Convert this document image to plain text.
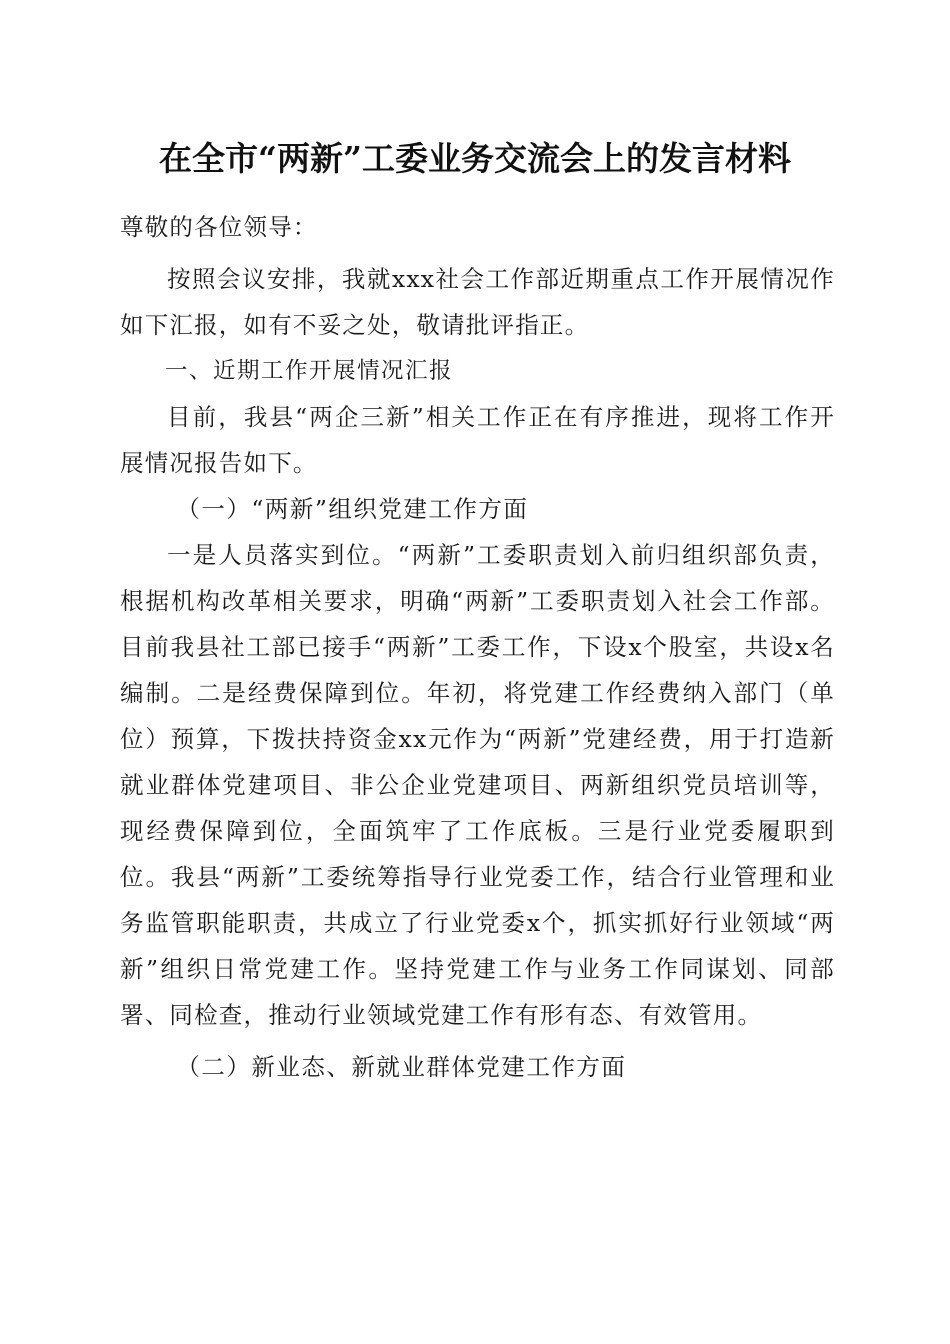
在全市“两新”工委业务交流会上的发言材料

尊敬的各位领导：

按照会议安排，我就xxx社会工作部近期重点工作开展情况作如下汇报，如有不妥之处，敬请批评指正。

一、近期工作开展情况汇报

目前，我县“两企三新”相关工作正在有序推进，现将工作开展情况报告如下。

（一）“两新”组织党建工作方面

一是人员落实到位。“两新”工委职责划入前归组织部负责，根据机构改革相关要求，明确“两新”工委职责划入社会工作部。目前我县社工部已接手“两新”工委工作，下设x个股室，共设x名编制。二是经费保障到位。年初，将党建工作经费纳入部门（单位）预算，下拨扶持资金xx元作为“两新”党建经费，用于打造新就业群体党建项目、非公企业党建项目、两新组织党员培训等，现经费保障到位，全面筑牢了工作底板。三是行业党委履职到位。我县“两新”工委统筹指导行业党委工作，结合行业管理和业务监管职能职责，共成立了行业党委x个，抓实抓好行业领域“两新”组织日常党建工作。坚持党建工作与业务工作同谋划、同部署、同检查，推动行业领域党建工作有形有态、有效管用。

（二）新业态、新就业群体党建工作方面
